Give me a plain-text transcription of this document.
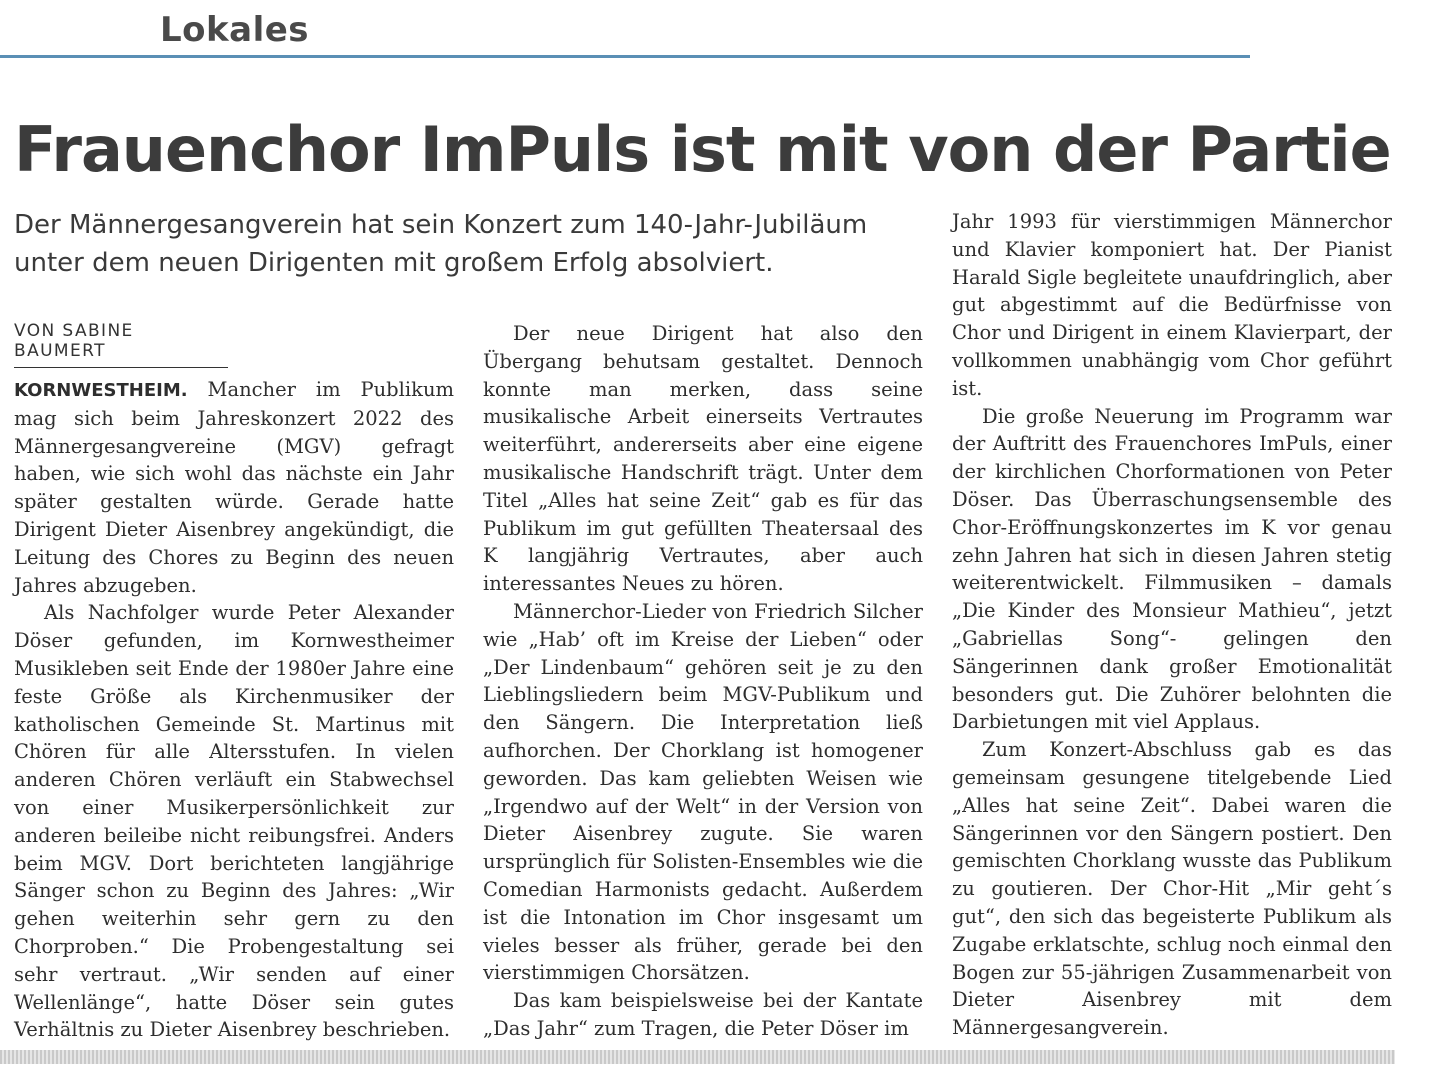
Lokales
Frauenchor ImPuls ist mit von der Partie
Der Männergesangverein hat sein Konzert zum 140-Jahr-Jubiläum unter dem neuen Dirigenten mit großem Erfolg absolviert.
VON SABINE BAUMERT

KORNWESTHEIM. Mancher im Publikum mag sich beim Jahreskonzert 2022 des Männergesangvereine (MGV) gefragt haben, wie sich wohl das nächste ein Jahr später gestalten würde. Gerade hatte Dirigent Dieter Aisenbrey angekündigt, die Leitung des Chores zu Beginn des neuen Jahres abzugeben.

Als Nachfolger wurde Peter Alexander Döser gefunden, im Kornwestheimer Musikleben seit Ende der 1980er Jahre eine feste Größe als Kirchenmusiker der katholischen Gemeinde St. Martinus mit Chören für alle Altersstufen. In vielen anderen Chören verläuft ein Stabwechsel von einer Musikerpersönlichkeit zur anderen beileibe nicht reibungsfrei. Anders beim MGV. Dort berichteten langjährige Sänger schon zu Beginn des Jahres: „Wir gehen weiterhin sehr gern zu den Chorproben.“ Die Probengestaltung sei sehr vertraut. „Wir senden auf einer Wellenlänge“, hatte Döser sein gutes Verhältnis zu Dieter Aisenbrey beschrieben.

Der neue Dirigent hat also den Übergang behutsam gestaltet. Dennoch konnte man merken, dass seine musikalische Arbeit einerseits Vertrautes weiterführt, andererseits aber eine eigene musikalische Handschrift trägt. Unter dem Titel „Alles hat seine Zeit“ gab es für das Publikum im gut gefüllten Theatersaal des K langjährig Vertrautes, aber auch interessantes Neues zu hören.

Männerchor-Lieder von Friedrich Silcher wie „Hab’ oft im Kreise der Lieben“ oder „Der Lindenbaum“ gehören seit je zu den Lieblingsliedern beim MGV-Publikum und den Sängern. Die Interpretation ließ aufhorchen. Der Chorklang ist homogener geworden. Das kam geliebten Weisen wie „Irgendwo auf der Welt“ in der Version von Dieter Aisenbrey zugute. Sie waren ursprünglich für Solisten-Ensembles wie die Comedian Harmonists gedacht. Außerdem ist die Intonation im Chor insgesamt um vieles besser als früher, gerade bei den vierstimmigen Chorsätzen.

Das kam beispielsweise bei der Kantate „Das Jahr“ zum Tragen, die Peter Döser im

Jahr 1993 für vierstimmigen Männerchor und Klavier komponiert hat. Der Pianist Harald Sigle begleitete unaufdringlich, aber gut abgestimmt auf die Bedürfnisse von Chor und Dirigent in einem Klavierpart, der vollkommen unabhängig vom Chor geführt ist.

Die große Neuerung im Programm war der Auftritt des Frauenchores ImPuls, einer der kirchlichen Chorformationen von Peter Döser. Das Überraschungsensemble des Chor-Eröffnungskonzertes im K vor genau zehn Jahren hat sich in diesen Jahren stetig weiterentwickelt. Filmmusiken – damals „Die Kinder des Monsieur Mathieu“, jetzt „Gabriellas Song“- gelingen den Sängerinnen dank großer Emotionalität besonders gut. Die Zuhörer belohnten die Darbietungen mit viel Applaus.

Zum Konzert-Abschluss gab es das gemeinsam gesungene titelgebende Lied „Alles hat seine Zeit“. Dabei waren die Sängerinnen vor den Sängern postiert. Den gemischten Chorklang wusste das Publikum zu goutieren. Der Chor-Hit „Mir geht´s gut“, den sich das begeisterte Publikum als Zugabe erklatschte, schlug noch einmal den Bogen zur 55-jährigen Zusammenarbeit von Dieter Aisenbrey mit dem Männergesangverein.
